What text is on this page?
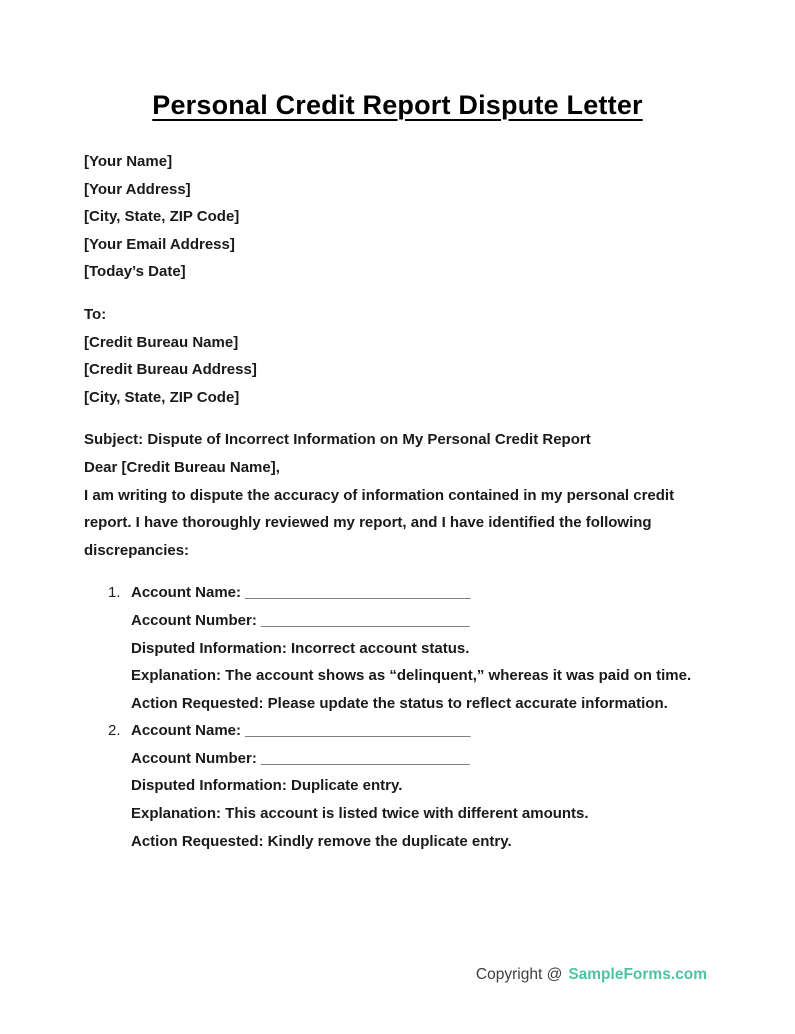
Personal Credit Report Dispute Letter

[Your Name]

[Your Address]

[City, State, ZIP Code]

[Your Email Address]

[Today’s Date]

To:

[Credit Bureau Name]

[Credit Bureau Address]

[City, State, ZIP Code]

Subject: Dispute of Incorrect Information on My Personal Credit Report

Dear [Credit Bureau Name],

I am writing to dispute the accuracy of information contained in my personal credit report. I have thoroughly reviewed my report, and I have identified the following discrepancies:

1. Account Name: ___________________________

Account Number: _________________________

Disputed Information: Incorrect account status.

Explanation: The account shows as “delinquent,” whereas it was paid on time.

Action Requested: Please update the status to reflect accurate information.

2. Account Name: ___________________________

Account Number: _________________________

Disputed Information: Duplicate entry.

Explanation: This account is listed twice with different amounts.

Action Requested: Kindly remove the duplicate entry.

Copyright @ SampleForms.com
